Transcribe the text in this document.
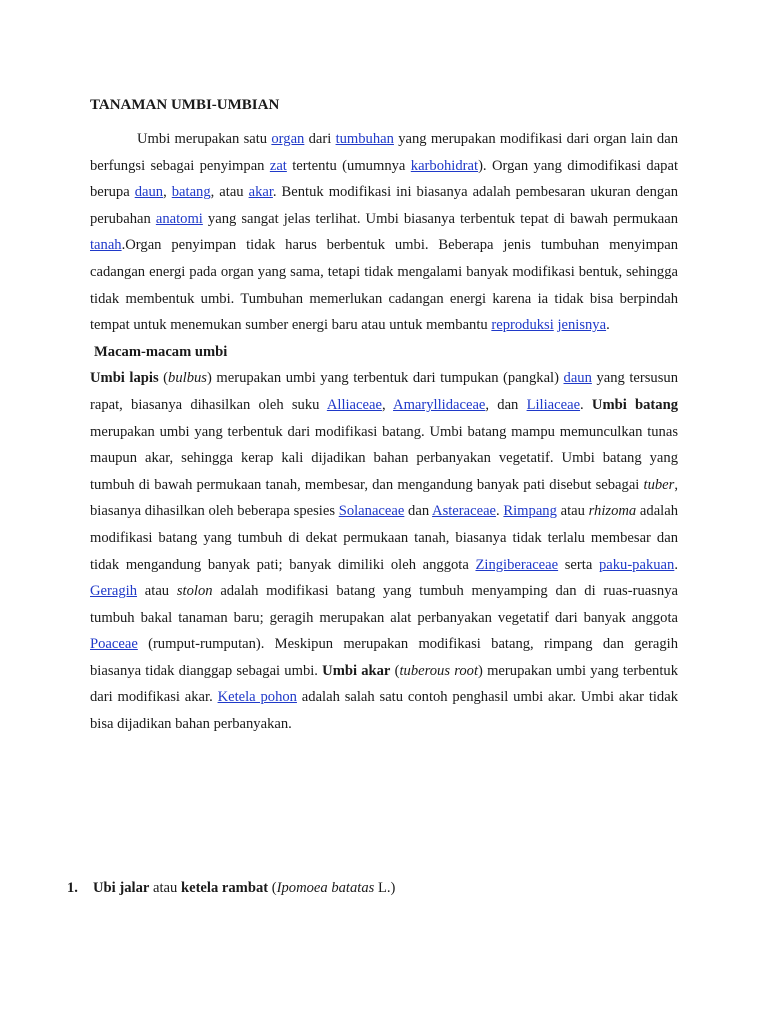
TANAMAN UMBI-UMBIAN

Umbi merupakan satu organ dari tumbuhan yang merupakan modifikasi dari organ lain dan berfungsi sebagai penyimpan zat tertentu (umumnya karbohidrat). Organ yang dimodifikasi dapat berupa daun, batang, atau akar. Bentuk modifikasi ini biasanya adalah pembesaran ukuran dengan perubahan anatomi yang sangat jelas terlihat. Umbi biasanya terbentuk tepat di bawah permukaan tanah.Organ penyimpan tidak harus berbentuk umbi. Beberapa jenis tumbuhan menyimpan cadangan energi pada organ yang sama, tetapi tidak mengalami banyak modifikasi bentuk, sehingga tidak membentuk umbi. Tumbuhan memerlukan cadangan energi karena ia tidak bisa berpindah tempat untuk menemukan sumber energi baru atau untuk membantu reproduksi jenisnya.

Macam-macam umbi

Umbi lapis (bulbus) merupakan umbi yang terbentuk dari tumpukan (pangkal) daun yang tersusun rapat, biasanya dihasilkan oleh suku Alliaceae, Amaryllidaceae, dan Liliaceae. Umbi batang merupakan umbi yang terbentuk dari modifikasi batang. Umbi batang mampu memunculkan tunas maupun akar, sehingga kerap kali dijadikan bahan perbanyakan vegetatif. Umbi batang yang tumbuh di bawah permukaan tanah, membesar, dan mengandung banyak pati disebut sebagai tuber, biasanya dihasilkan oleh beberapa spesies Solanaceae dan Asteraceae. Rimpang atau rhizoma adalah modifikasi batang yang tumbuh di dekat permukaan tanah, biasanya tidak terlalu membesar dan tidak mengandung banyak pati; banyak dimiliki oleh anggota Zingiberaceae serta paku-pakuan. Geragih atau stolon adalah modifikasi batang yang tumbuh menyamping dan di ruas-ruasnya tumbuh bakal tanaman baru; geragih merupakan alat perbanyakan vegetatif dari banyak anggota Poaceae (rumput-rumputan). Meskipun merupakan modifikasi batang, rimpang dan geragih biasanya tidak dianggap sebagai umbi. Umbi akar (tuberous root) merupakan umbi yang terbentuk dari modifikasi akar. Ketela pohon adalah salah satu contoh penghasil umbi akar. Umbi akar tidak bisa dijadikan bahan perbanyakan.

1. Ubi jalar atau ketela rambat (Ipomoea batatas L.)
